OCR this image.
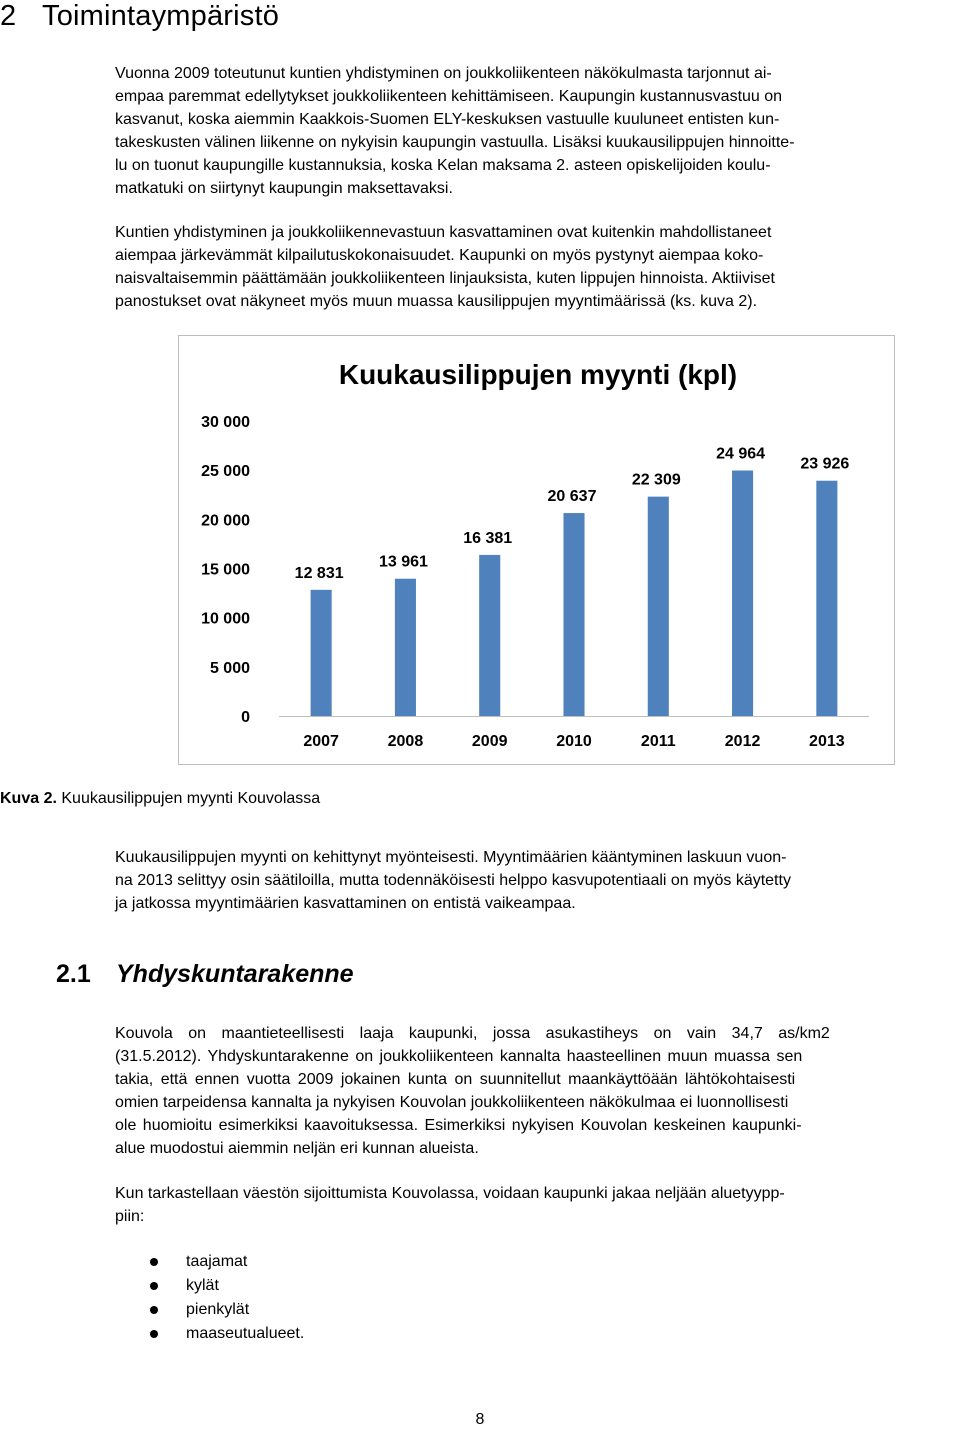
2 Toimintaympäristö
Vuonna 2009 toteutunut kuntien yhdistyminen on joukkoliikenteen näkökulmasta tarjonnut ai-
empaa paremmat edellytykset joukkoliikenteen kehittämiseen. Kaupungin kustannusvastuu on
kasvanut, koska aiemmin Kaakkois-Suomen ELY-keskuksen vastuulle kuuluneet entisten kun-
takeskusten välinen liikenne on nykyisin kaupungin vastuulla. Lisäksi kuukausilippujen hinnoitte-
lu on tuonut kaupungille kustannuksia, koska Kelan maksama 2. asteen opiskelijoiden koulu-
matkatuki on siirtynyt kaupungin maksettavaksi.
Kuntien yhdistyminen ja joukkoliikennevastuun kasvattaminen ovat kuitenkin mahdollistaneet
aiempaa järkevämmät kilpailutuskokonaisuudet. Kaupunki on myös pystynyt aiempaa koko-
naisvaltaisemmin päättämään joukkoliikenteen linjauksista, kuten lippujen hinnoista. Aktiiviset
panostukset ovat näkyneet myös muun muassa kausilippujen myyntimäärissä (ks. kuva 2).
Kuukausilippujen myynti (kpl)
0
5 000
10 000
15 000
20 000
25 000
30 000
12 831
13 961
16 381
20 637
22 309
24 964
23 926
2007	2008	2009	2010	2011	2012	2013
Kuva 2. Kuukausilippujen myynti Kouvolassa
Kuukausilippujen myynti on kehittynyt myönteisesti. Myyntimäärien kääntyminen laskuun vuon-
na 2013 selittyy osin säätiloilla, mutta todennäköisesti helppo kasvupotentiaali on myös käytetty
ja jatkossa myyntimäärien kasvattaminen on entistä vaikeampaa.
2.1 Yhdyskuntarakenne
Kouvola on maantieteellisesti laaja kaupunki, jossa asukastiheys on vain 34,7 as/km2
(31.5.2012). Yhdyskuntarakenne on joukkoliikenteen kannalta haasteellinen muun muassa sen
takia, että ennen vuotta 2009 jokainen kunta on suunnitellut maankäyttöään lähtökohtaisesti
omien tarpeidensa kannalta ja nykyisen Kouvolan joukkoliikenteen näkökulmaa ei luonnollisesti
ole huomioitu esimerkiksi kaavoituksessa. Esimerkiksi nykyisen Kouvolan keskeinen kaupunki-
alue muodostui aiemmin neljän eri kunnan alueista.
Kun tarkastellaan väestön sijoittumista Kouvolassa, voidaan kaupunki jakaa neljään aluetyypp-
piin:
taajamat
kylät
pienkylät
maaseutualueet.
8
